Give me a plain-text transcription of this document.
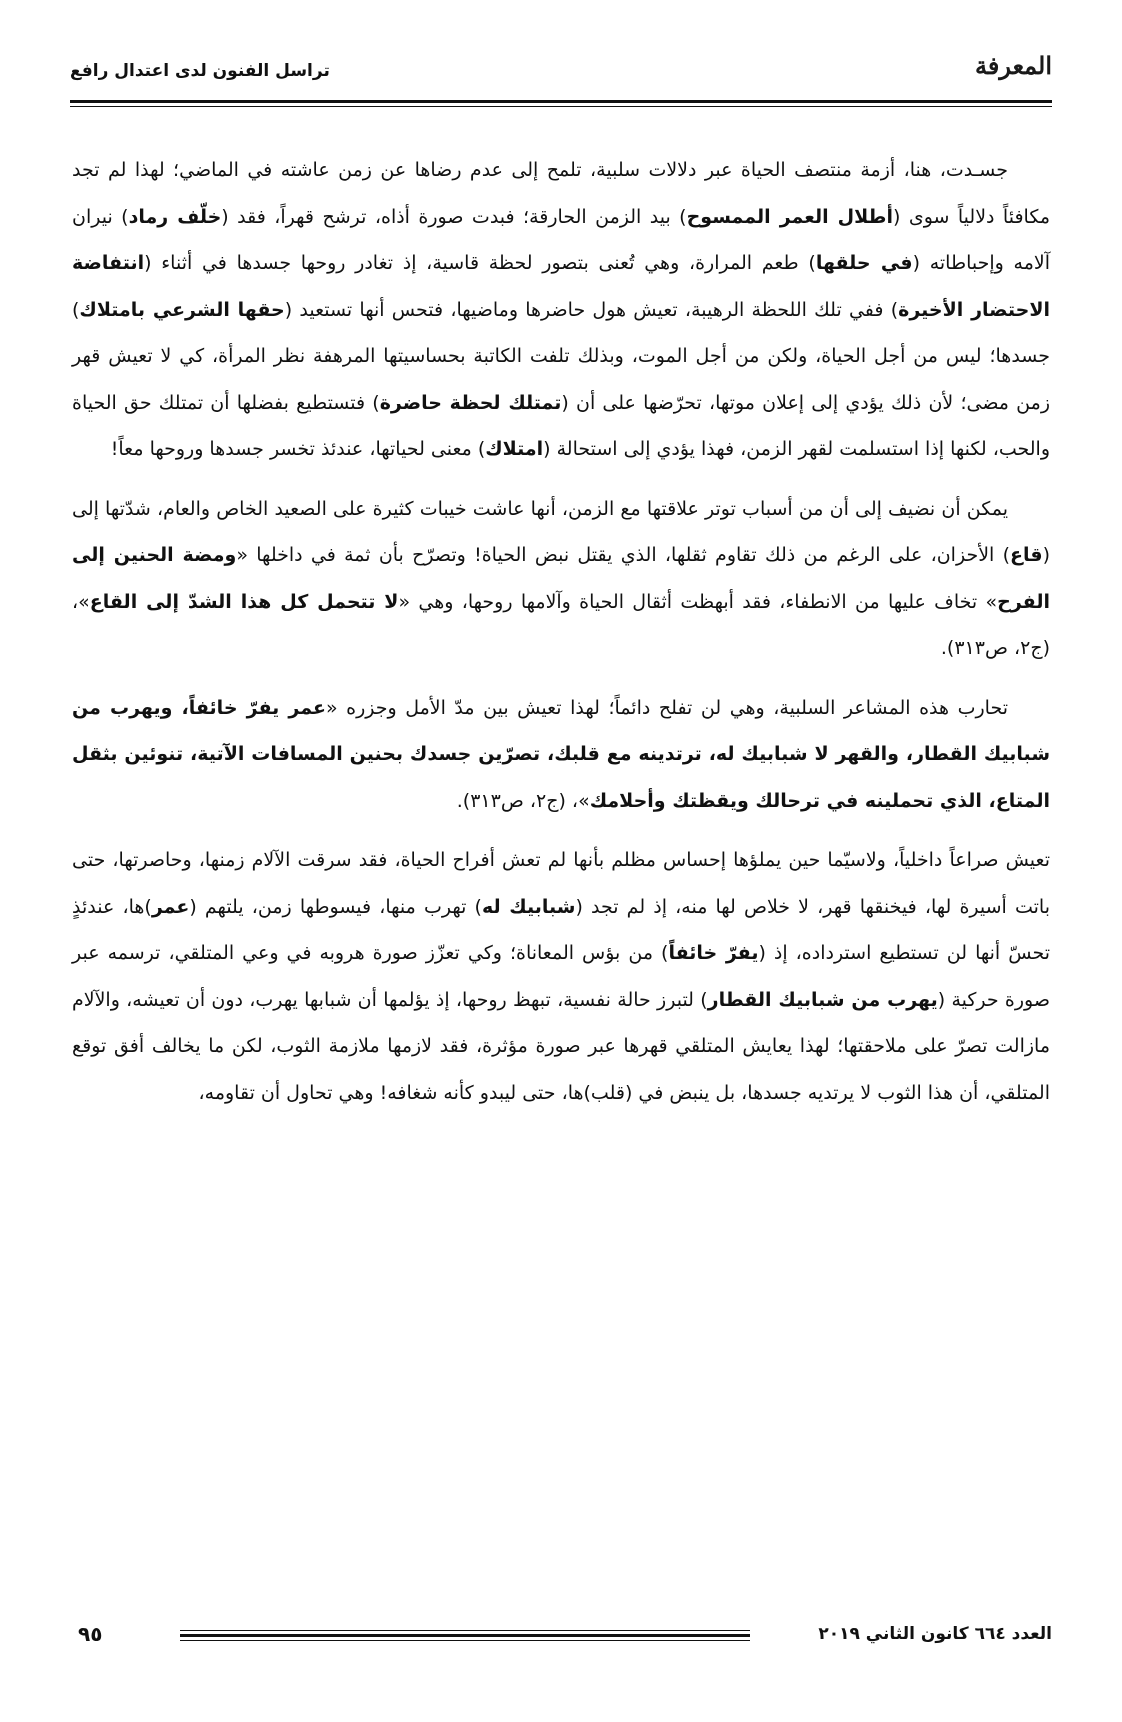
المعرفة
تراسل الفنون لدى اعتدال رافع

جسـدت، هنا، أزمة منتصف الحياة عبر دلالات سلبية، تلمح إلى عدم رضاها عن زمن عاشته في الماضي؛ لهذا لم تجد مكافئاً دلالياً سوى (أطلال العمر الممسوح) بيد الزمن الحارقة؛ فبدت صورة أذاه، ترشح قهراً، فقد (خلّف رماد) نيران آلامه وإحباطاته (في حلقها) طعم المرارة، وهي تُعنى بتصور لحظة قاسية، إذ تغادر روحها جسدها في أثناء (انتفاضة الاحتضار الأخيرة) ففي تلك اللحظة الرهيبة، تعيش هول حاضرها وماضيها، فتحس أنها تستعيد (حقها الشرعي بامتلاك) جسدها؛ ليس من أجل الحياة، ولكن من أجل الموت، وبذلك تلفت الكاتبة بحساسيتها المرهفة نظر المرأة، كي لا تعيش قهر زمن مضى؛ لأن ذلك يؤدي إلى إعلان موتها، تحرّضها على أن (تمتلك لحظة حاضرة) فتستطيع بفضلها أن تمتلك حق الحياة والحب، لكنها إذا استسلمت لقهر الزمن، فهذا يؤدي إلى استحالة (امتلاك) معنى لحياتها، عندئذ تخسر جسدها وروحها معاً!

يمكن أن نضيف إلى أن من أسباب توتر علاقتها مع الزمن، أنها عاشت خيبات كثيرة على الصعيد الخاص والعام، شدّتها إلى (قاع) الأحزان، على الرغم من ذلك تقاوم ثقلها، الذي يقتل نبض الحياة! وتصرّح بأن ثمة في داخلها «ومضة الحنين إلى الفرح» تخاف عليها من الانطفاء، فقد أبهظت أثقال الحياة وآلامها روحها، وهي «لا تتحمل كل هذا الشدّ إلى القاع»، (ج٢، ص٣١٣).

تحارب هذه المشاعر السلبية، وهي لن تفلح دائماً؛ لهذا تعيش بين مدّ الأمل وجزره «عمر يفرّ خائفاً، ويهرب من شبابيك القطار، والقهر لا شبابيك له، ترتدينه مع قلبك، تصرّين جسدك بحنين المسافات الآتية، تنوئين بثقل المتاع، الذي تحملينه في ترحالك ويقظتك وأحلامك»، (ج٢، ص٣١٣).

تعيش صراعاً داخلياً، ولاسيّما حين يملؤها إحساس مظلم بأنها لم تعش أفراح الحياة، فقد سرقت الآلام زمنها، وحاصرتها، حتى باتت أسيرة لها، فيخنقها قهر، لا خلاص لها منه، إذ لم تجد (شبابيك له) تهرب منها، فيسوطها زمن، يلتهم (عمر)ها، عندئذٍ تحسّ أنها لن تستطيع استرداده، إذ (يفرّ خائفاً) من بؤس المعاناة؛ وكي تعزّز صورة هروبه في وعي المتلقي، ترسمه عبر صورة حركية (يهرب من شبابيك القطار) لتبرز حالة نفسية، تبهظ روحها، إذ يؤلمها أن شبابها يهرب، دون أن تعيشه، والآلام مازالت تصرّ على ملاحقتها؛ لهذا يعايش المتلقي قهرها عبر صورة مؤثرة، فقد لازمها ملازمة الثوب، لكن ما يخالف أفق توقع المتلقي، أن هذا الثوب لا يرتديه جسدها، بل ينبض في (قلب)ها، حتى ليبدو كأنه شغافه! وهي تحاول أن تقاومه،

العدد ٦٦٤ كانون الثاني ٢٠١٩
٩٥
